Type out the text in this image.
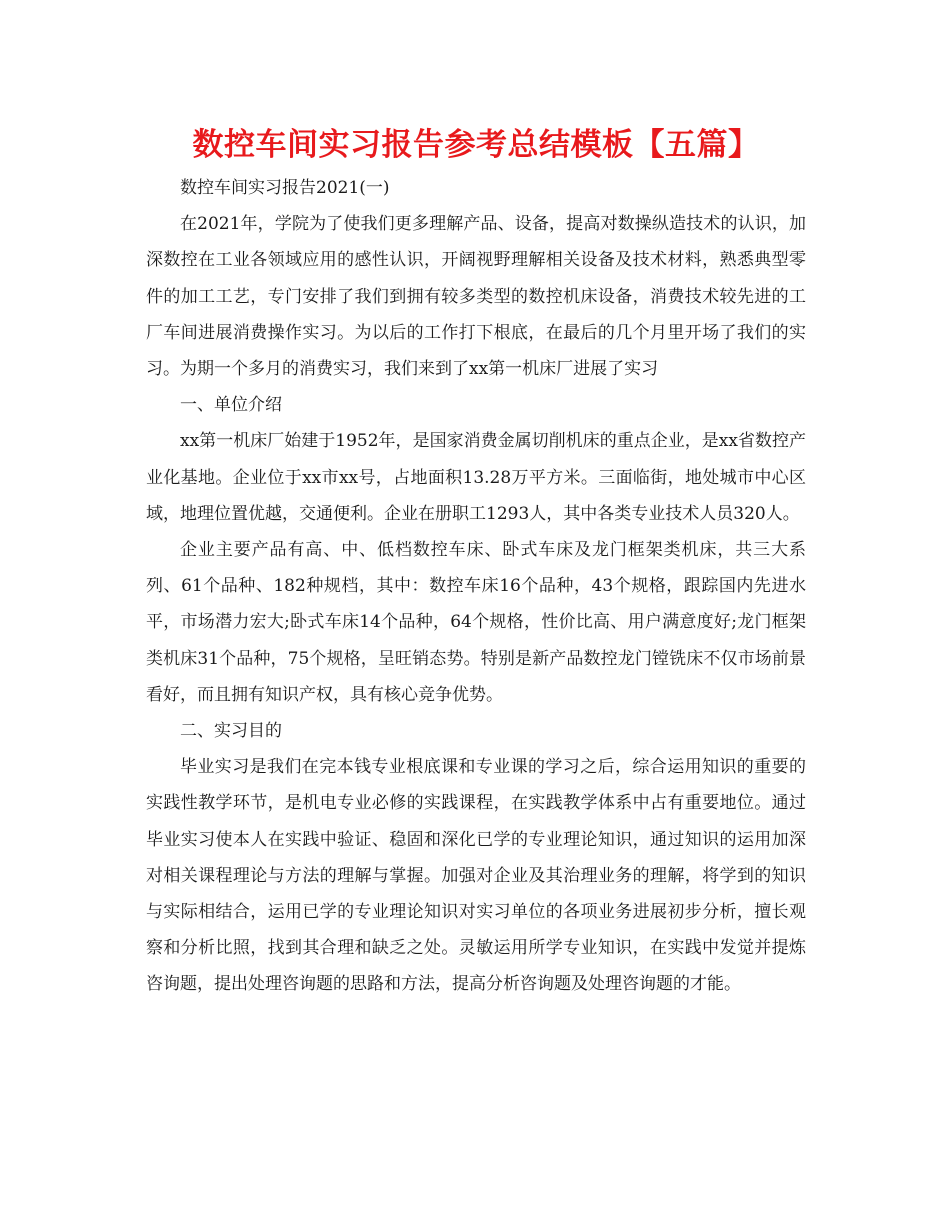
数控车间实习报告参考总结模板【五篇】

数控车间实习报告2021(一)

在2021年，学院为了使我们更多理解产品、设备，提高对数操纵造技术的认识，加深数控在工业各领域应用的感性认识，开阔视野理解相关设备及技术材料，熟悉典型零件的加工工艺，专门安排了我们到拥有较多类型的数控机床设备，消费技术较先进的工厂车间进展消费操作实习。为以后的工作打下根底，在最后的几个月里开场了我们的实习。为期一个多月的消费实习，我们来到了xx第一机床厂进展了实习

一、单位介绍

xx第一机床厂始建于1952年，是国家消费金属切削机床的重点企业，是xx省数控产业化基地。企业位于xx市xx号，占地面积13.28万平方米。三面临街，地处城市中心区域，地理位置优越，交通便利。企业在册职工1293人，其中各类专业技术人员320人。

企业主要产品有高、中、低档数控车床、卧式车床及龙门框架类机床，共三大系列、61个品种、182种规档，其中：数控车床16个品种，43个规格，跟踪国内先进水平，市场潜力宏大;卧式车床14个品种，64个规格，性价比高、用户满意度好;龙门框架类机床31个品种，75个规格，呈旺销态势。特别是新产品数控龙门镗铣床不仅市场前景看好，而且拥有知识产权，具有核心竞争优势。

二、实习目的

毕业实习是我们在完本钱专业根底课和专业课的学习之后，综合运用知识的重要的实践性教学环节，是机电专业必修的实践课程，在实践教学体系中占有重要地位。通过毕业实习使本人在实践中验证、稳固和深化已学的专业理论知识，通过知识的运用加深对相关课程理论与方法的理解与掌握。加强对企业及其治理业务的理解，将学到的知识与实际相结合，运用已学的专业理论知识对实习单位的各项业务进展初步分析，擅长观察和分析比照，找到其合理和缺乏之处。灵敏运用所学专业知识，在实践中发觉并提炼咨询题，提出处理咨询题的思路和方法，提高分析咨询题及处理咨询题的才能。
